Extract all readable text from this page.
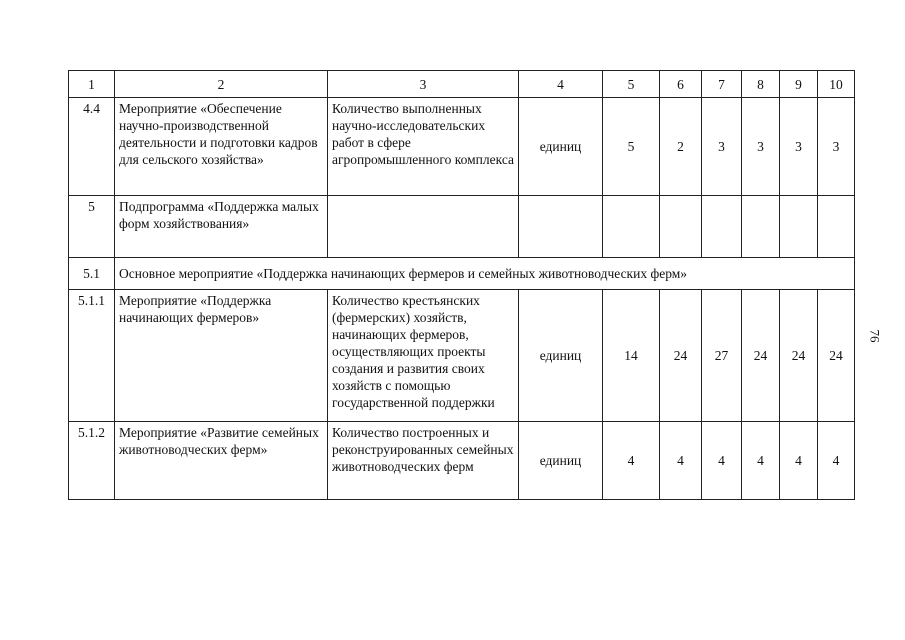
1	2	3	4	5	6	7	8	9	10
4.4	Мероприятие «Обеспечение научно-производственной деятельности и подготовки кадров для сельского хозяйства»	Количество выполненных научно-исследовательских работ в сфере агропромышленного комплекса	единиц	5	2	3	3	3	3
5	Подпрограмма «Поддержка малых форм хозяйствования»								
5.1	Основное мероприятие «Поддержка начинающих фермеров и семейных животноводческих ферм»								
5.1.1	Мероприятие «Поддержка начинающих фермеров»	Количество крестьянских (фермерских) хозяйств, начинающих фермеров, осуществляющих проекты создания и развития своих хозяйств с помощью государственной поддержки	единиц	14	24	27	24	24	24
5.1.2	Мероприятие «Развитие семейных животноводческих ферм»	Количество построенных и реконструированных семейных животноводческих ферм	единиц	4	4	4	4	4	4
76
